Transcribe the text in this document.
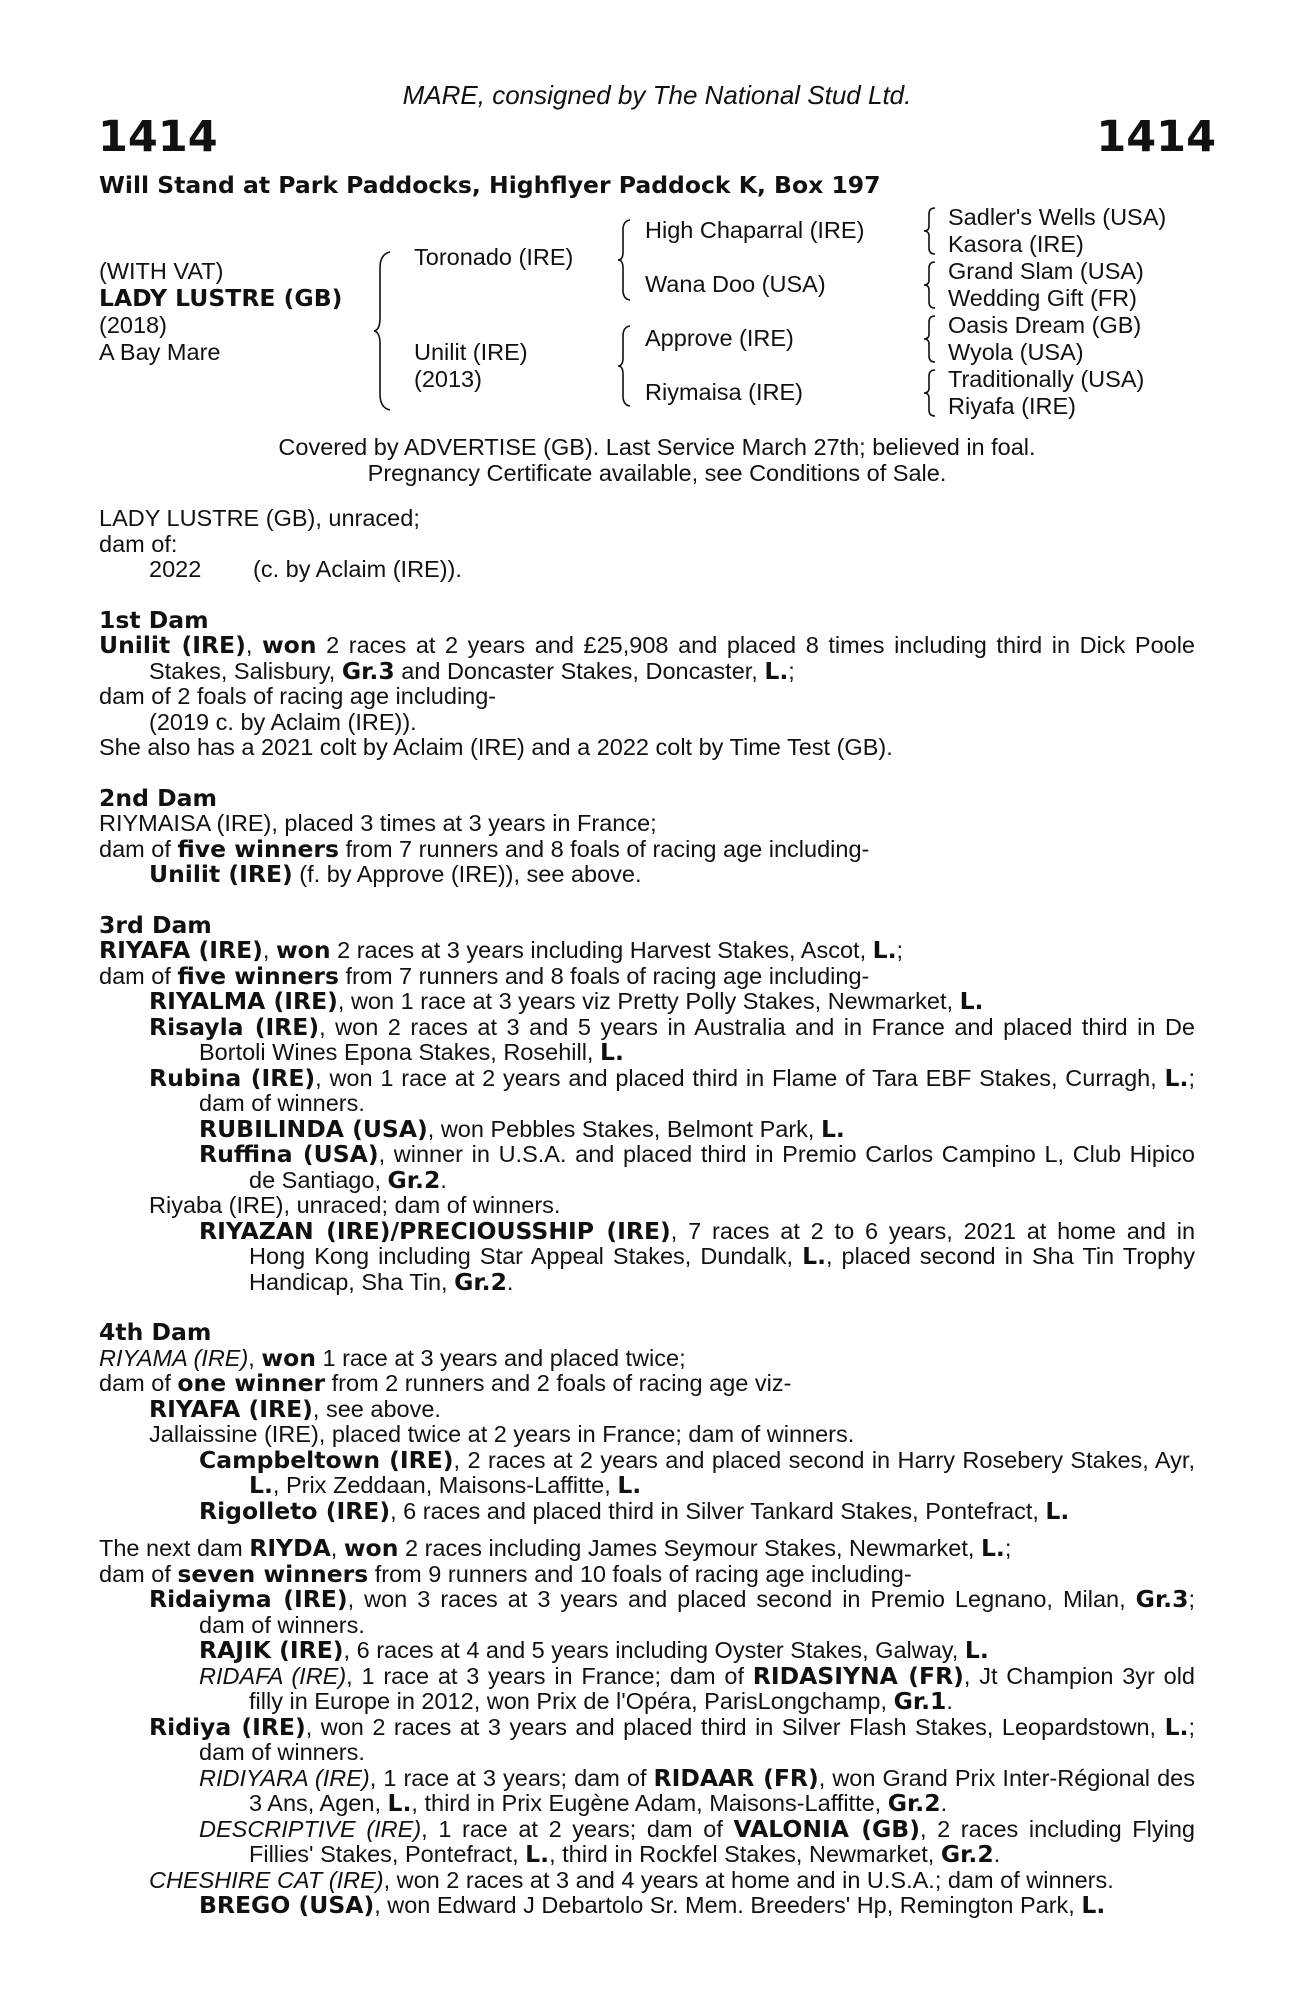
MARE, consigned by The National Stud Ltd.
1414	1414
Will Stand at Park Paddocks, Highflyer Paddock K, Box 197
(WITH VAT)
LADY LUSTRE (GB)
(2018)
A Bay Mare
Toronado (IRE)
Unilit (IRE)
(2013)
High Chaparral (IRE)
Wana Doo (USA)
Approve (IRE)
Riymaisa (IRE)
Sadler's Wells (USA)
Kasora (IRE)
Grand Slam (USA)
Wedding Gift (FR)
Oasis Dream (GB)
Wyola (USA)
Traditionally (USA)
Riyafa (IRE)
Covered by ADVERTISE (GB). Last Service March 27th; believed in foal.
Pregnancy Certificate available, see Conditions of Sale.

LADY LUSTRE (GB), unraced;

dam of:

2022 (c. by Aclaim (IRE)).

1st Dam

Unilit (IRE), won 2 races at 2 years and £25,908 and placed 8 times including third in Dick Poole Stakes, Salisbury, Gr.3 and Doncaster Stakes, Doncaster, L.;

dam of 2 foals of racing age including-

(2019 c. by Aclaim (IRE)).

She also has a 2021 colt by Aclaim (IRE) and a 2022 colt by Time Test (GB).

2nd Dam

RIYMAISA (IRE), placed 3 times at 3 years in France;

dam of five winners from 7 runners and 8 foals of racing age including-

Unilit (IRE) (f. by Approve (IRE)), see above.

3rd Dam

RIYAFA (IRE), won 2 races at 3 years including Harvest Stakes, Ascot, L.;

dam of five winners from 7 runners and 8 foals of racing age including-

RIYALMA (IRE), won 1 race at 3 years viz Pretty Polly Stakes, Newmarket, L.

Risayla (IRE), won 2 races at 3 and 5 years in Australia and in France and placed third in De Bortoli Wines Epona Stakes, Rosehill, L.

Rubina (IRE), won 1 race at 2 years and placed third in Flame of Tara EBF Stakes, Curragh, L.; dam of winners.

RUBILINDA (USA), won Pebbles Stakes, Belmont Park, L.

Ruffina (USA), winner in U.S.A. and placed third in Premio Carlos Campino L, Club Hipico de Santiago, Gr.2.

Riyaba (IRE), unraced; dam of winners.

RIYAZAN (IRE)/PRECIOUSSHIP (IRE), 7 races at 2 to 6 years, 2021 at home and in Hong Kong including Star Appeal Stakes, Dundalk, L., placed second in Sha Tin Trophy Handicap, Sha Tin, Gr.2.

4th Dam

RIYAMA (IRE), won 1 race at 3 years and placed twice;

dam of one winner from 2 runners and 2 foals of racing age viz-

RIYAFA (IRE), see above.

Jallaissine (IRE), placed twice at 2 years in France; dam of winners.

Campbeltown (IRE), 2 races at 2 years and placed second in Harry Rosebery Stakes, Ayr, L., Prix Zeddaan, Maisons-Laffitte, L.

Rigolleto (IRE), 6 races and placed third in Silver Tankard Stakes, Pontefract, L.

The next dam RIYDA, won 2 races including James Seymour Stakes, Newmarket, L.;

dam of seven winners from 9 runners and 10 foals of racing age including-

Ridaiyma (IRE), won 3 races at 3 years and placed second in Premio Legnano, Milan, Gr.3; dam of winners.

RAJIK (IRE), 6 races at 4 and 5 years including Oyster Stakes, Galway, L.

RIDAFA (IRE), 1 race at 3 years in France; dam of RIDASIYNA (FR), Jt Champion 3yr old filly in Europe in 2012, won Prix de l'Opéra, ParisLongchamp, Gr.1.

Ridiya (IRE), won 2 races at 3 years and placed third in Silver Flash Stakes, Leopardstown, L.; dam of winners.

RIDIYARA (IRE), 1 race at 3 years; dam of RIDAAR (FR), won Grand Prix Inter-Régional des 3 Ans, Agen, L., third in Prix Eugène Adam, Maisons-Laffitte, Gr.2.

DESCRIPTIVE (IRE), 1 race at 2 years; dam of VALONIA (GB), 2 races including Flying Fillies' Stakes, Pontefract, L., third in Rockfel Stakes, Newmarket, Gr.2.

CHESHIRE CAT (IRE), won 2 races at 3 and 4 years at home and in U.S.A.; dam of winners.

BREGO (USA), won Edward J Debartolo Sr. Mem. Breeders' Hp, Remington Park, L.
